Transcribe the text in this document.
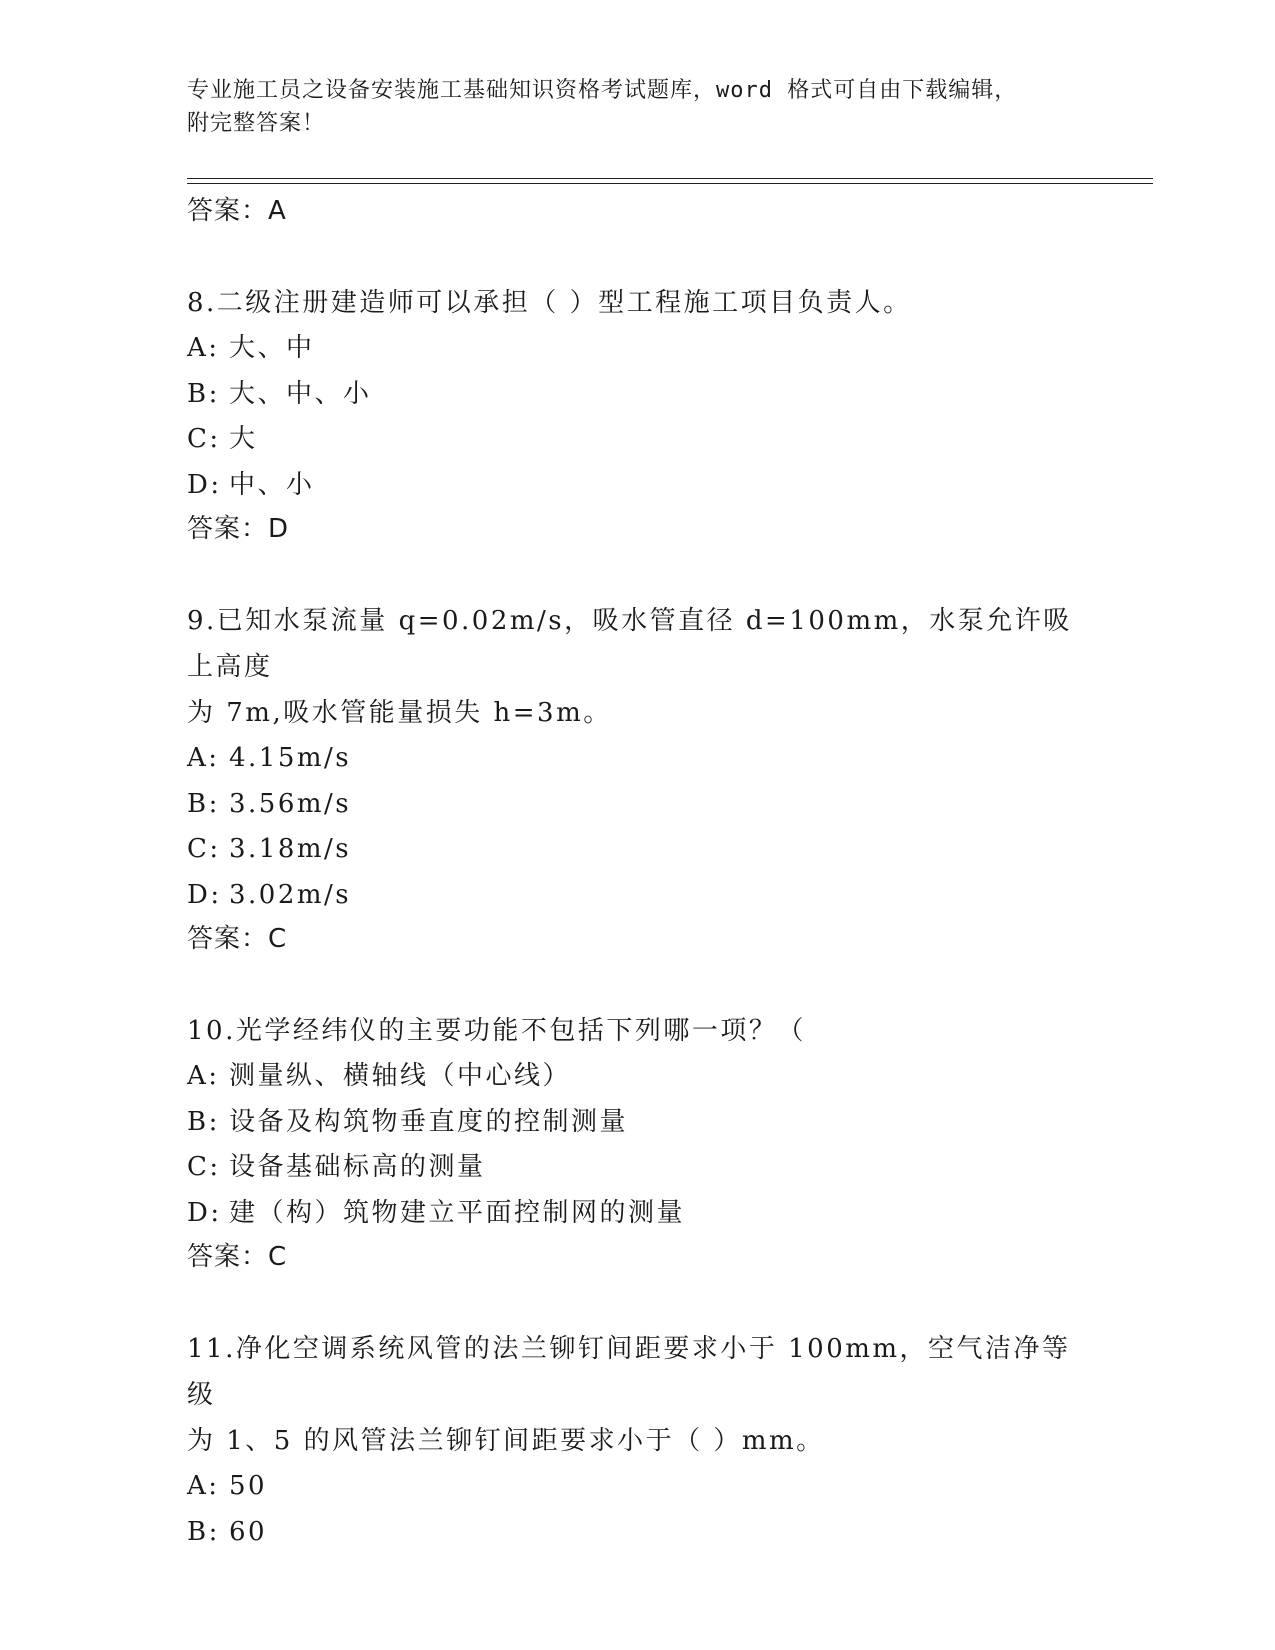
专业施工员之设备安装施工基础知识资格考试题库，word 格式可自由下载编辑，
附完整答案！
答案：A
8.二级注册建造师可以承担（ ）型工程施工项目负责人。
A: 大、中
B: 大、中、小
C: 大
D: 中、小
答案：D
9.已知水泵流量 q=0.02m/s，吸水管直径 d=100mm，水泵允许吸上高度
为 7m,吸水管能量损失 h=3m。
A: 4.15m/s
B: 3.56m/s
C: 3.18m/s
D: 3.02m/s
答案：C
10.光学经纬仪的主要功能不包括下列哪一项？（
A: 测量纵、横轴线（中心线）
B: 设备及构筑物垂直度的控制测量
C: 设备基础标高的测量
D: 建（构）筑物建立平面控制网的测量
答案：C
11.净化空调系统风管的法兰铆钉间距要求小于 100mm，空气洁净等级
为 1、5 的风管法兰铆钉间距要求小于（ ）mm。
A: 50
B: 60
